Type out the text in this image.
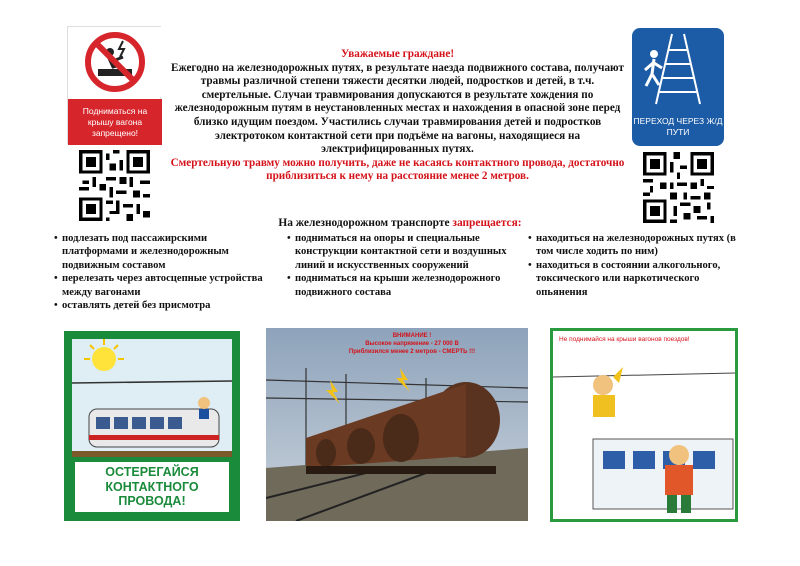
Подниматься на крышу вагона запрещено!
Уважаемые граждане!
Ежегодно на железнодорожных путях, в результате наезда подвижного состава, получают травмы различной степени тяжести десятки людей, подростков и детей, в т.ч. смертельные. Случаи травмирования допускаются в результате хождения по железнодорожным путям в неустановленных местах и нахождения в опасной зоне перед близко идущим поездом. Участились случаи травмирования детей и подростков электротоком контактной сети при подъёме на вагоны, находящиеся на электрифицированных путях.
Смертельную травму можно получить, даже не касаясь контактного провода, достаточно приблизиться к нему на расстояние менее 2 метров.
ПЕРЕХОД ЧЕРЕЗ Ж/Д ПУТИ
На железнодорожном транспорте запрещается:
• подлезать под пассажирскими платформами и железнодорожным подвижным составом
• перелезать через автосцепные устройства между вагонами
• оставлять детей без присмотра
• подниматься на опоры и специальные конструкции контактной сети и воздушных линий и искусственных сооружений
• подниматься на крыши железнодорожного подвижного состава
• находиться на железнодорожных путях (в том числе ходить по ним)
• находиться в состоянии алкогольного, токсического или наркотического опьянения
ОСТЕРЕГАЙСЯ КОНТАКТНОГО ПРОВОДА!
ВНИМАНИЕ !
Высокое напряжение - 27 000 В
Приблизился менее 2 метров - СМЕРТЬ !!!
Не поднимайся на крыши вагонов поездов!
